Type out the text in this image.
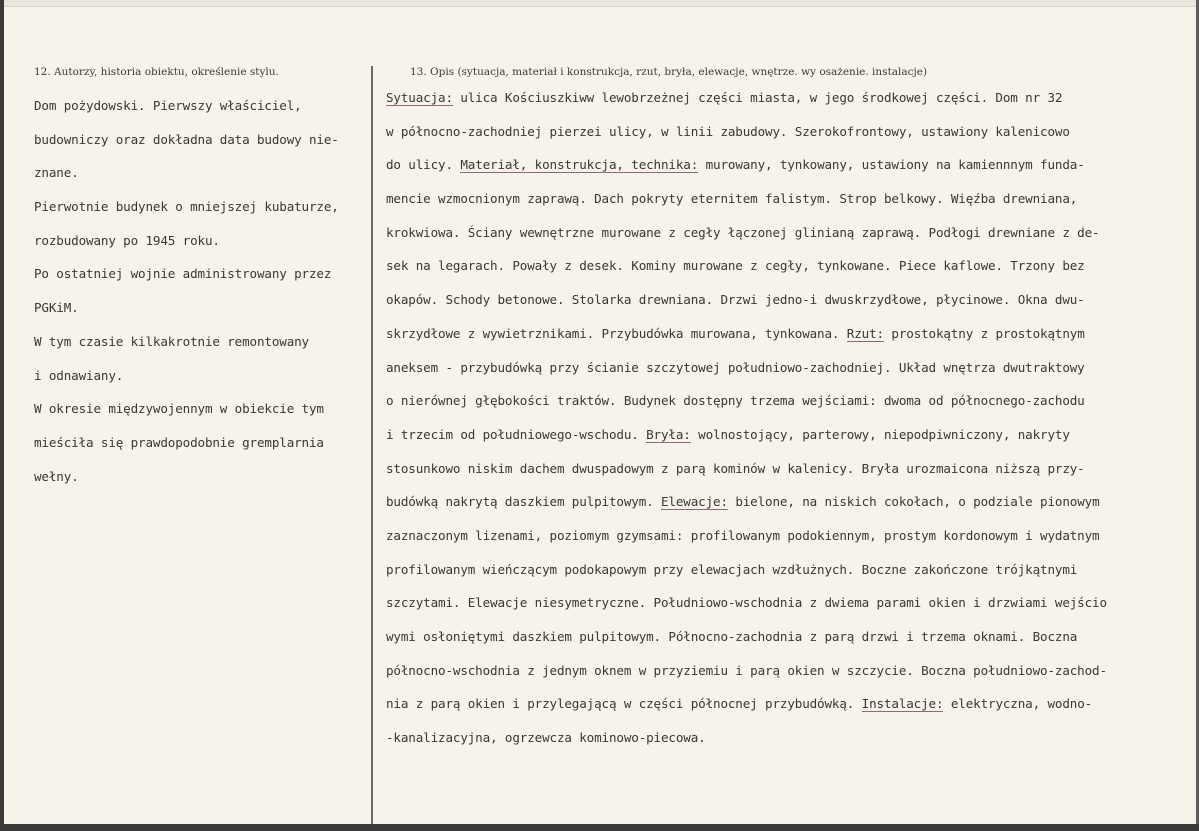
12. Autorzy, historia obiektu, określenie stylu.	13. Opis (sytuacja, materiał i konstrukcja, rzut, bryła, elewacje, wnętrze. wy osażenie. instalacje)
Dom pożydowski. Pierwszy właściciel,
budowniczy oraz dokładna data budowy nie-
znane.
Pierwotnie budynek o mniejszej kubaturze,
rozbudowany po 1945 roku.
Po ostatniej wojnie administrowany przez
PGKiM.
W tym czasie kilkakrotnie remontowany
i odnawiany.
W okresie międzywojennym w obiekcie tym
mieściła się prawdopodobnie gremplarnia
wełny.
Sytuacja: ulica Kościuszkiww lewobrzeżnej części miasta, w jego środkowej części. Dom nr 32
w północno-zachodniej pierzei ulicy, w linii zabudowy. Szerokofrontowy, ustawiony kalenicowo
do ulicy. Materiał, konstrukcja, technika: murowany, tynkowany, ustawiony na kamiennnym funda-
mencie wzmocnionym zaprawą. Dach pokryty eternitem falistym. Strop belkowy. Więźba drewniana,
krokwiowa. Ściany wewnętrzne murowane z cegły łączonej glinianą zaprawą. Podłogi drewniane z de-
sek na legarach. Powały z desek. Kominy murowane z cegły, tynkowane. Piece kaflowe. Trzony bez
okapów. Schody betonowe. Stolarka drewniana. Drzwi jedno-i dwuskrzydłowe, płycinowe. Okna dwu-
skrzydłowe z wywietrznikami. Przybudówka murowana, tynkowana. Rzut: prostokątny z prostokątnym
aneksem - przybudówką przy ścianie szczytowej południowo-zachodniej. Układ wnętrza dwutraktowy
o nierównej głębokości traktów. Budynek dostępny trzema wejściami: dwoma od północnego-zachodu
i trzecim od południowego-wschodu. Bryła: wolnostojący, parterowy, niepodpiwniczony, nakryty
stosunkowo niskim dachem dwuspadowym z parą kominów w kalenicy. Bryła urozmaicona niższą przy-
budówką nakrytą daszkiem pulpitowym. Elewacje: bielone, na niskich cokołach, o podziale pionowym
zaznaczonym lizenami, poziomym gzymsami: profilowanym podokiennym, prostym kordonowym i wydatnym
profilowanym wieńczącym podokapowym przy elewacjach wzdłużnych. Boczne zakończone trójkątnymi
szczytami. Elewacje niesymetryczne. Południowo-wschodnia z dwiema parami okien i drzwiami wejścio
wymi osłoniętymi daszkiem pulpitowym. Północno-zachodnia z parą drzwi i trzema oknami. Boczna
północno-wschodnia z jednym oknem w przyziemiu i parą okien w szczycie. Boczna południowo-zachod-
nia z parą okien i przylegającą w części północnej przybudówką. Instalacje: elektryczna, wodno-
-kanalizacyjna, ogrzewcza kominowo-piecowa.
